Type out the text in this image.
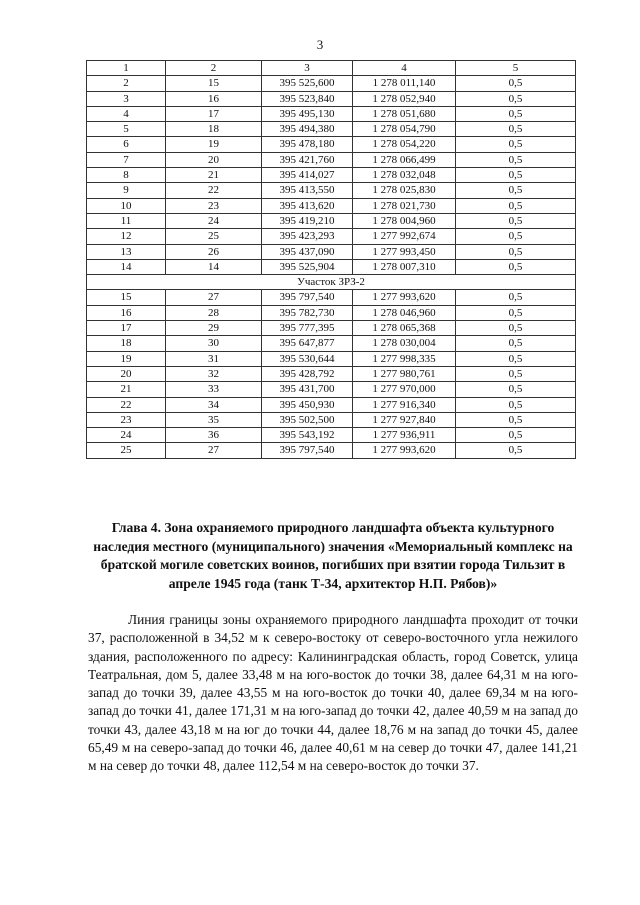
3
1	2	3	4	5
2	15	395 525,600	1 278 011,140	0,5
3	16	395 523,840	1 278 052,940	0,5
4	17	395 495,130	1 278 051,680	0,5
5	18	395 494,380	1 278 054,790	0,5
6	19	395 478,180	1 278 054,220	0,5
7	20	395 421,760	1 278 066,499	0,5
8	21	395 414,027	1 278 032,048	0,5
9	22	395 413,550	1 278 025,830	0,5
10	23	395 413,620	1 278 021,730	0,5
11	24	395 419,210	1 278 004,960	0,5
12	25	395 423,293	1 277 992,674	0,5
13	26	395 437,090	1 277 993,450	0,5
14	14	395 525,904	1 278 007,310	0,5
Участок ЗРЗ-2				
15	27	395 797,540	1 277 993,620	0,5
16	28	395 782,730	1 278 046,960	0,5
17	29	395 777,395	1 278 065,368	0,5
18	30	395 647,877	1 278 030,004	0,5
19	31	395 530,644	1 277 998,335	0,5
20	32	395 428,792	1 277 980,761	0,5
21	33	395 431,700	1 277 970,000	0,5
22	34	395 450,930	1 277 916,340	0,5
23	35	395 502,500	1 277 927,840	0,5
24	36	395 543,192	1 277 936,911	0,5
25	27	395 797,540	1 277 993,620	0,5
Глава 4. Зона охраняемого природного ландшафта объекта культурного наследия местного (муниципального) значения «Мемориальный комплекс на братской могиле советских воинов, погибших при взятии города Тильзит в апреле 1945 года (танк Т-34, архитектор Н.П. Рябов)»

Линия границы зоны охраняемого природного ландшафта проходит от точки 37, расположенной в 34,52 м к северо-востоку от северо-восточного угла нежилого здания, расположенного по адресу: Калининградская область, город Советск, улица Театральная, дом 5, далее 33,48 м на юго-восток до точки 38, далее 64,31 м на юго-запад до точки 39, далее 43,55 м на юго-восток до точки 40, далее 69,34 м на юго-запад до точки 41, далее 171,31 м на юго-запад до точки 42, далее 40,59 м на запад до точки 43, далее 43,18 м на юг до точки 44, далее 18,76 м на запад до точки 45, далее 65,49 м на северо-запад до точки 46, далее 40,61 м на север до точки 47, далее 141,21 м на север до точки 48, далее 112,54 м на северо-восток до точки 37.
